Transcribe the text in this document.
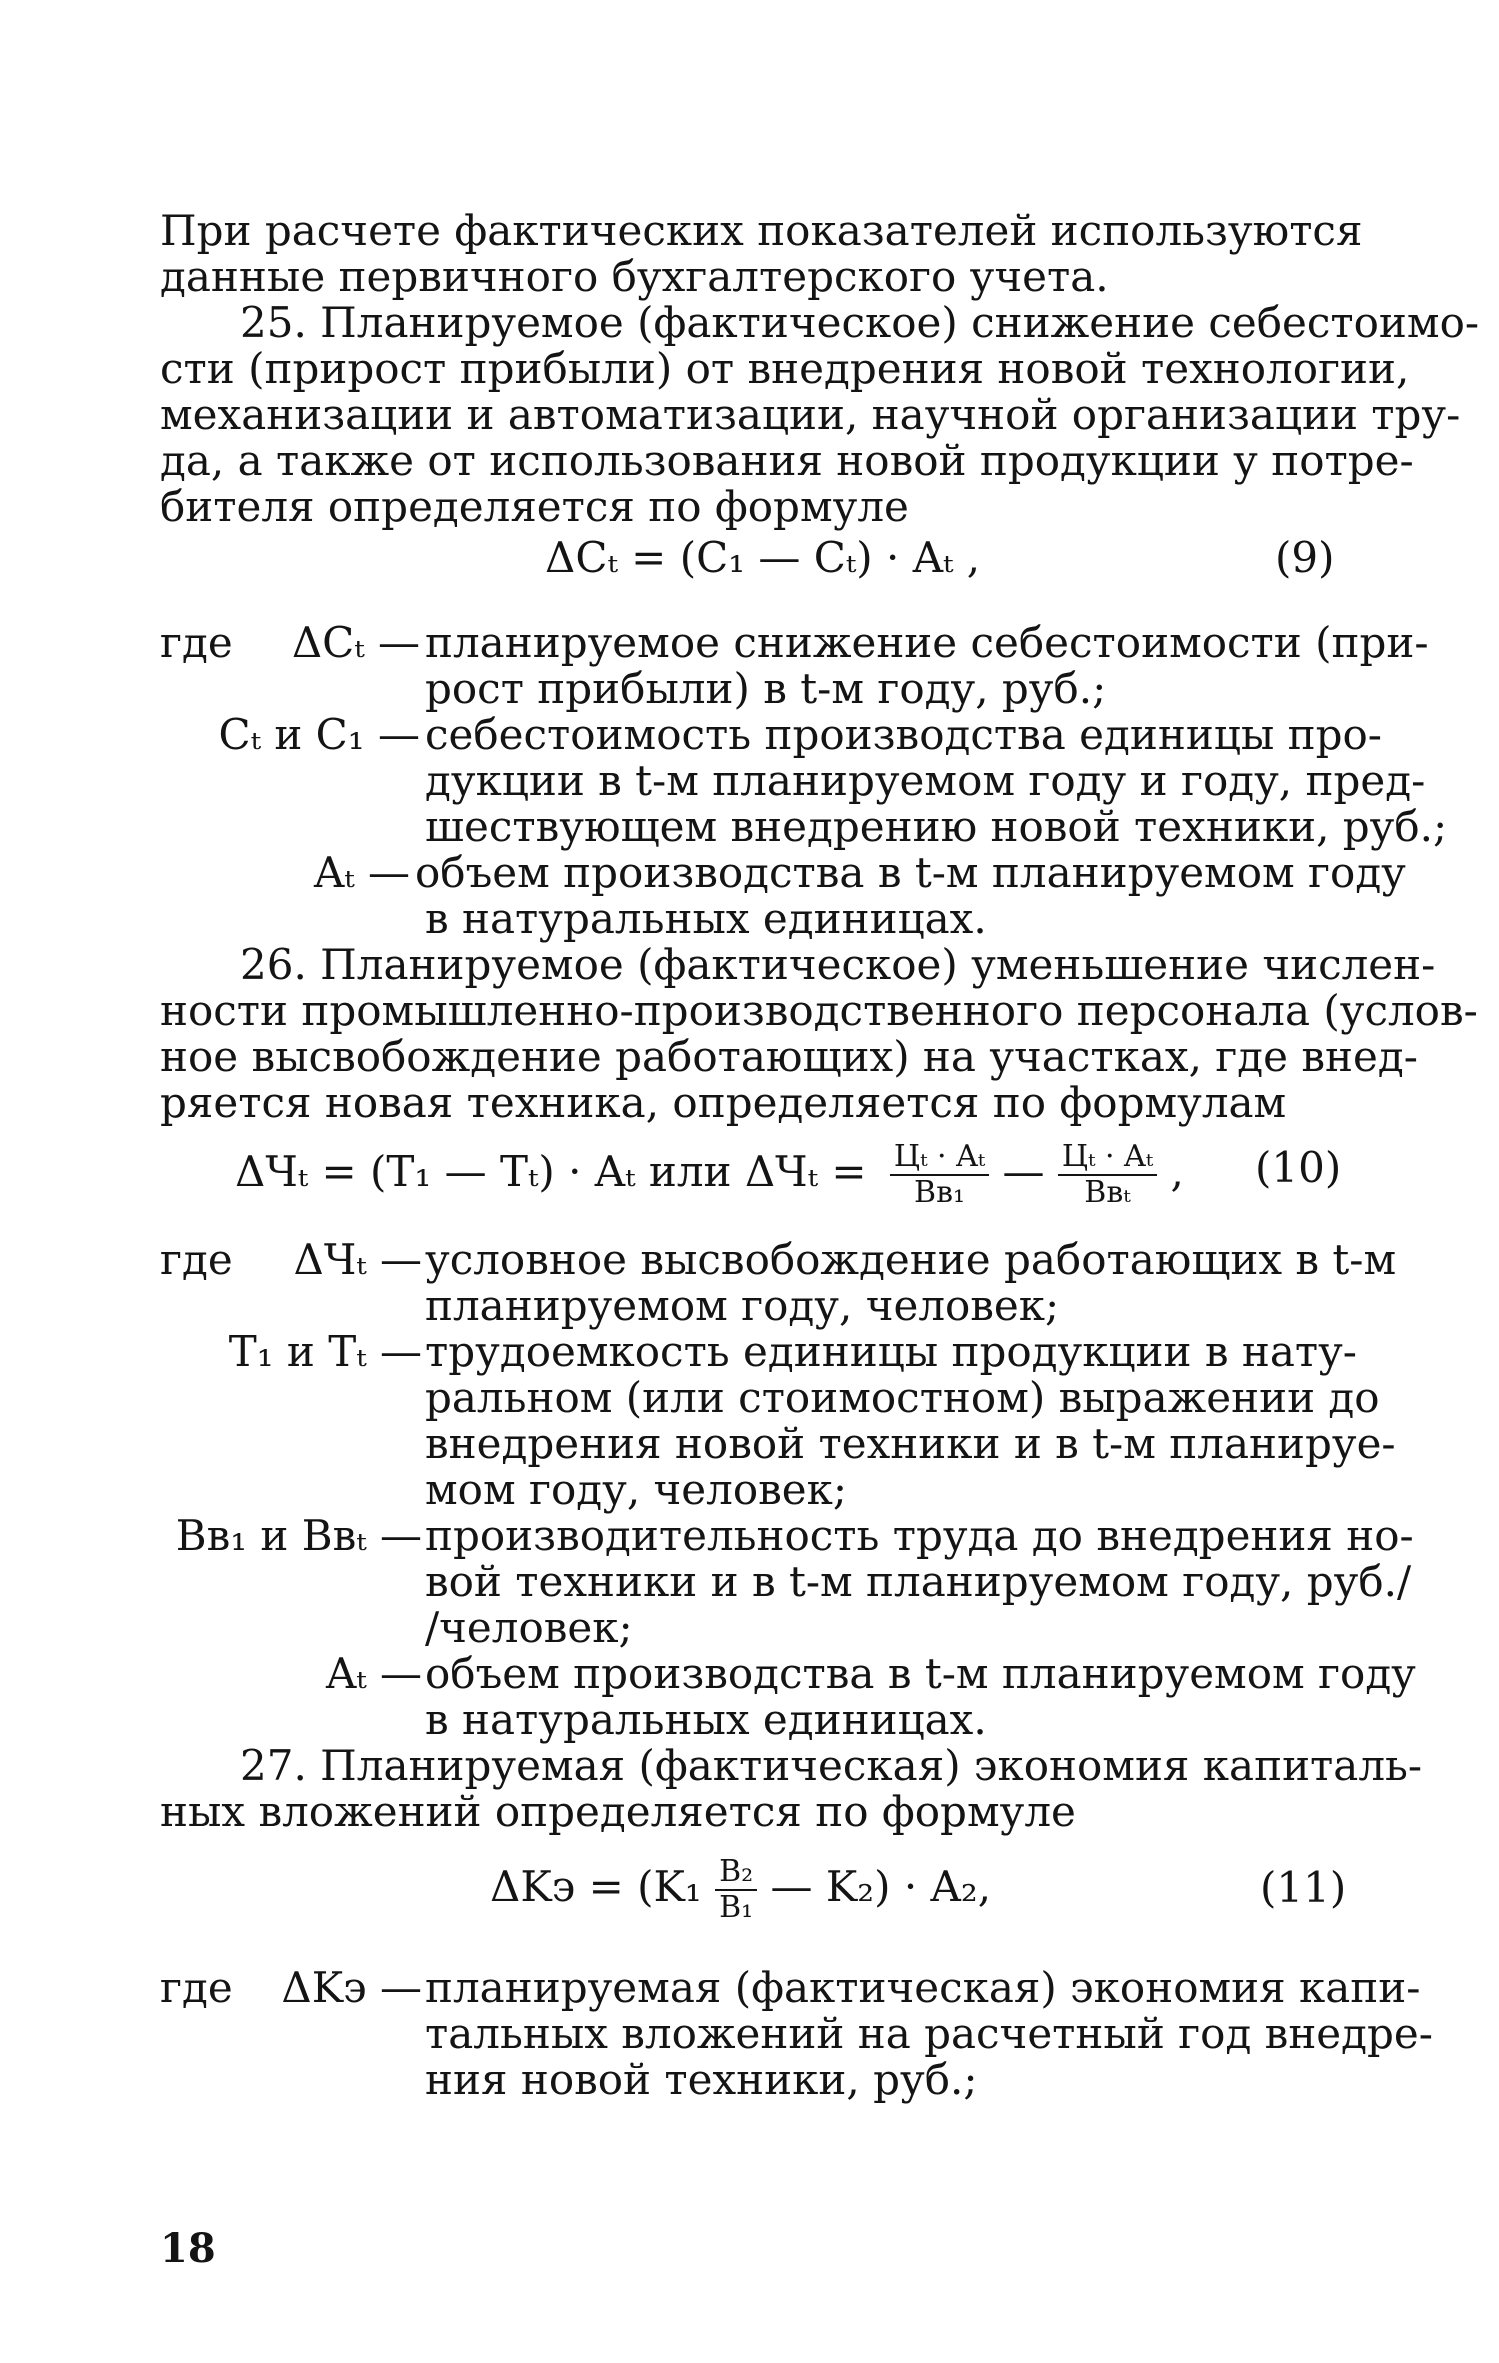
При расчете фактических показателей используются
данные первичного бухгалтерского учета.
25. Планируемое (фактическое) снижение себестоимо-
сти (прирост прибыли) от внедрения новой технологии,
механизации и автоматизации, научной организации тру-
да, а также от использования новой продукции у потре-
бителя определяется по формуле
ΔCₜ = (C₁ — Cₜ) · Aₜ ,	(9)
где	ΔCₜ — планируемое снижение себестоимости (при-
рост прибыли) в t-м году, руб.;
Cₜ и C₁ — себестоимость производства единицы про-
дукции в t-м планируемом году и году, пред-
шествующем внедрению новой техники, руб.;
Aₜ — объем производства в t-м планируемом году
в натуральных единицах.
26. Планируемое (фактическое) уменьшение числен-
ности промышленно-производственного персонала (услов-
ное высвобождение работающих) на участках, где внед-
ряется новая техника, определяется по формулам
ΔЧₜ = (T₁ — Tₜ) · Aₜ или $\Delta Ч_t = \frac{\text{Цₜ · Aₜ}}{\text{Bв₁}}$ — $\frac{\text{Цₜ · Aₜ}}{\text{Bвₜ}}$ , (10)
где	ΔЧₜ — условное высвобождение работающих в t-м
планируемом году, человек;
T₁ и Tₜ — трудоемкость единицы продукции в нату-
ральном (или стоимостном) выражении до
внедрения новой техники и в t-м планируе-
мом году, человек;
Bв₁ и Bвₜ — производительность труда до внедрения но-
вой техники и в t-м планируемом году, руб./
/человек;
Aₜ — объем производства в t-м планируемом году
в натуральных единицах.
27. Планируемая (фактическая) экономия капиталь-
ных вложений определяется по формуле
$\Delta Kэ = (K_1 \frac{\text{B₂}}{\text{B₁}}$ — K₂) · A₂,	(11)
где	ΔKэ — планируемая (фактическая) экономия капи-
тальных вложений на расчетный год внедре-
ния новой техники, руб.;
18
